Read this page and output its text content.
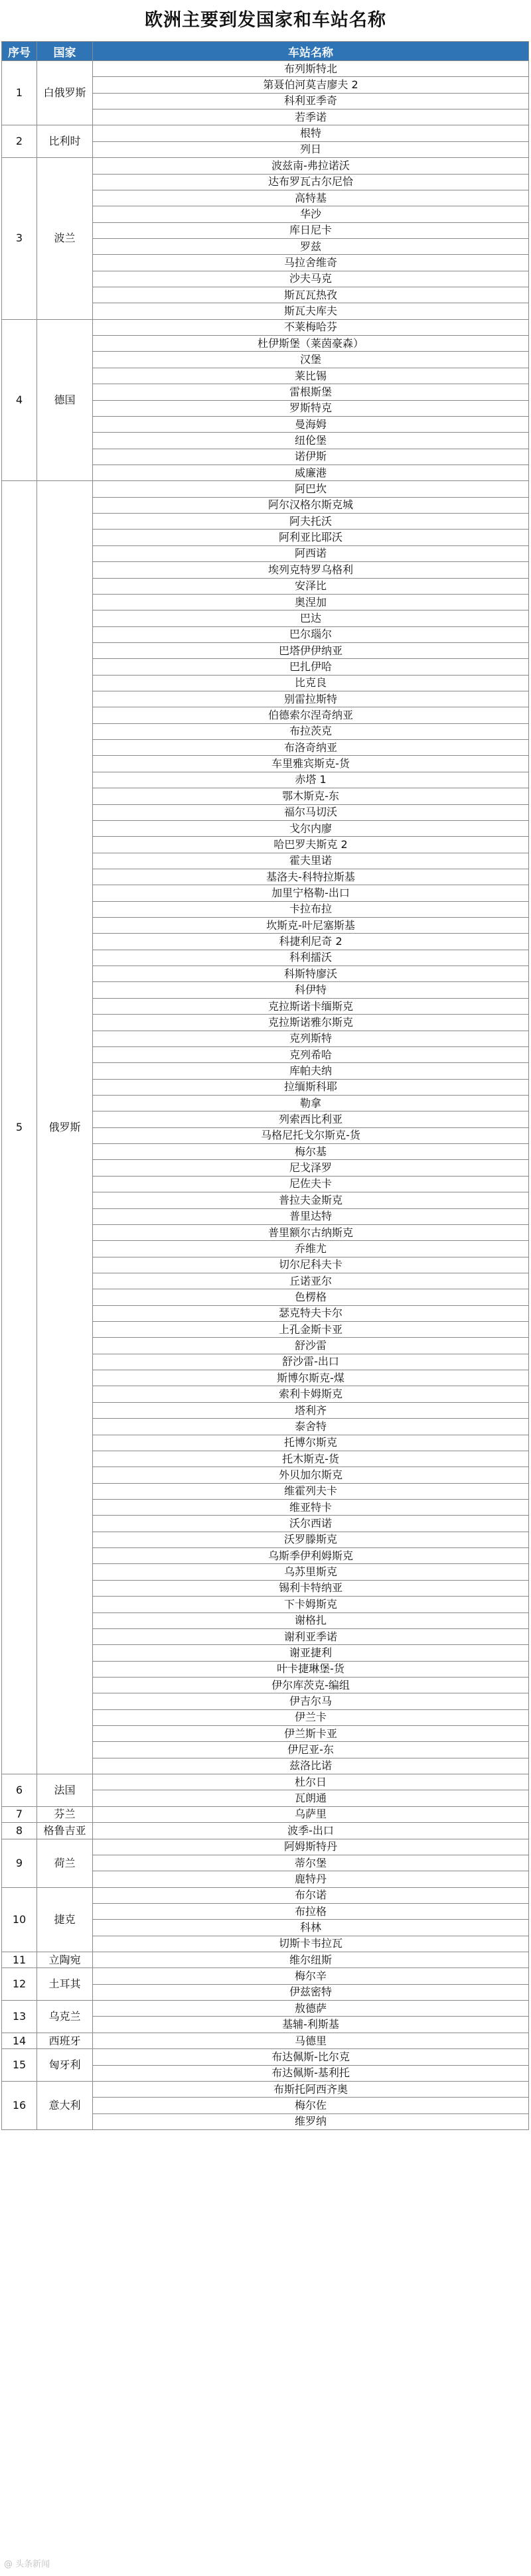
欧洲主要到发国家和车站名称
序号	国家	车站名称
1	白俄罗斯	布列斯特北
		第聂伯河莫吉廖夫 2
		科利亚季奇
		若季诺
2	比利时	根特
		列日
3	波兰	波兹南-弗拉诺沃
		达布罗瓦古尔尼恰
		高特基
		华沙
		库日尼卡
		罗兹
		马拉舍维奇
		沙夫马克
		斯瓦瓦热孜
		斯瓦夫库夫
4	德国	不莱梅哈芬
		杜伊斯堡（莱茵豪森）
		汉堡
		莱比锡
		雷根斯堡
		罗斯特克
		曼海姆
		纽伦堡
		诺伊斯
		威廉港
5	俄罗斯	阿巴坎
		阿尔汉格尔斯克城
		阿夫托沃
		阿利亚比耶沃
		阿西诺
		埃列克特罗乌格利
		安泽比
		奥涅加
		巴达
		巴尔瑙尔
		巴塔伊伊纳亚
		巴扎伊哈
		比克良
		别雷拉斯特
		伯德索尔涅奇纳亚
		布拉茨克
		布洛奇纳亚
		车里雅宾斯克-货
		赤塔 1
		鄂木斯克-东
		福尔马切沃
		戈尔内廖
		哈巴罗夫斯克 2
		霍夫里诺
		基洛夫-科特拉斯基
		加里宁格勒-出口
		卡拉布拉
		坎斯克-叶尼塞斯基
		科捷利尼奇 2
		科利擂沃
		科斯特廖沃
		科伊特
		克拉斯诺卡缅斯克
		克拉斯诺雅尔斯克
		克列斯特
		克列希哈
		库帕夫纳
		拉缅斯科耶
		勒拿
		列索西比利亚
		马格尼托戈尔斯克-货
		梅尔基
		尼戈泽罗
		尼佐夫卡
		普拉夫金斯克
		普里达特
		普里额尔古纳斯克
		乔维尤
		切尔尼科夫卡
		丘诺亚尔
		色楞格
		瑟克特夫卡尔
		上孔金斯卡亚
		舒沙雷
		舒沙雷-出口
		斯博尔斯克-煤
		索利卡姆斯克
		塔利齐
		泰舍特
		托博尔斯克
		托木斯克-货
		外贝加尔斯克
		维霍列夫卡
		维亚特卡
		沃尔西诺
		沃罗滕斯克
		乌斯季伊利姆斯克
		乌苏里斯克
		锡利卡特纳亚
		下卡姆斯克
		谢格扎
		谢利亚季诺
		谢亚捷利
		叶卡捷琳堡-货
		伊尔库茨克-编组
		伊吉尔马
		伊兰卡
		伊兰斯卡亚
		伊尼亚-东
		兹洛比诺
6	法国	杜尔日
		瓦朗通
7	芬兰	乌萨里
8	格鲁吉亚	波季-出口
9	荷兰	阿姆斯特丹
		蒂尔堡
		鹿特丹
10	捷克	布尔诺
		布拉格
		科林
		切斯卡韦拉瓦
11	立陶宛	维尔纽斯
12	土耳其	梅尔辛
		伊兹密特
13	乌克兰	敖德萨
		基辅-利斯基
14	西班牙	马德里
15	匈牙利	布达佩斯-比尔克
		布达佩斯-基利托
16	意大利	布斯托阿西齐奥
		梅尔佐
		维罗纳
@ 头条新闻
